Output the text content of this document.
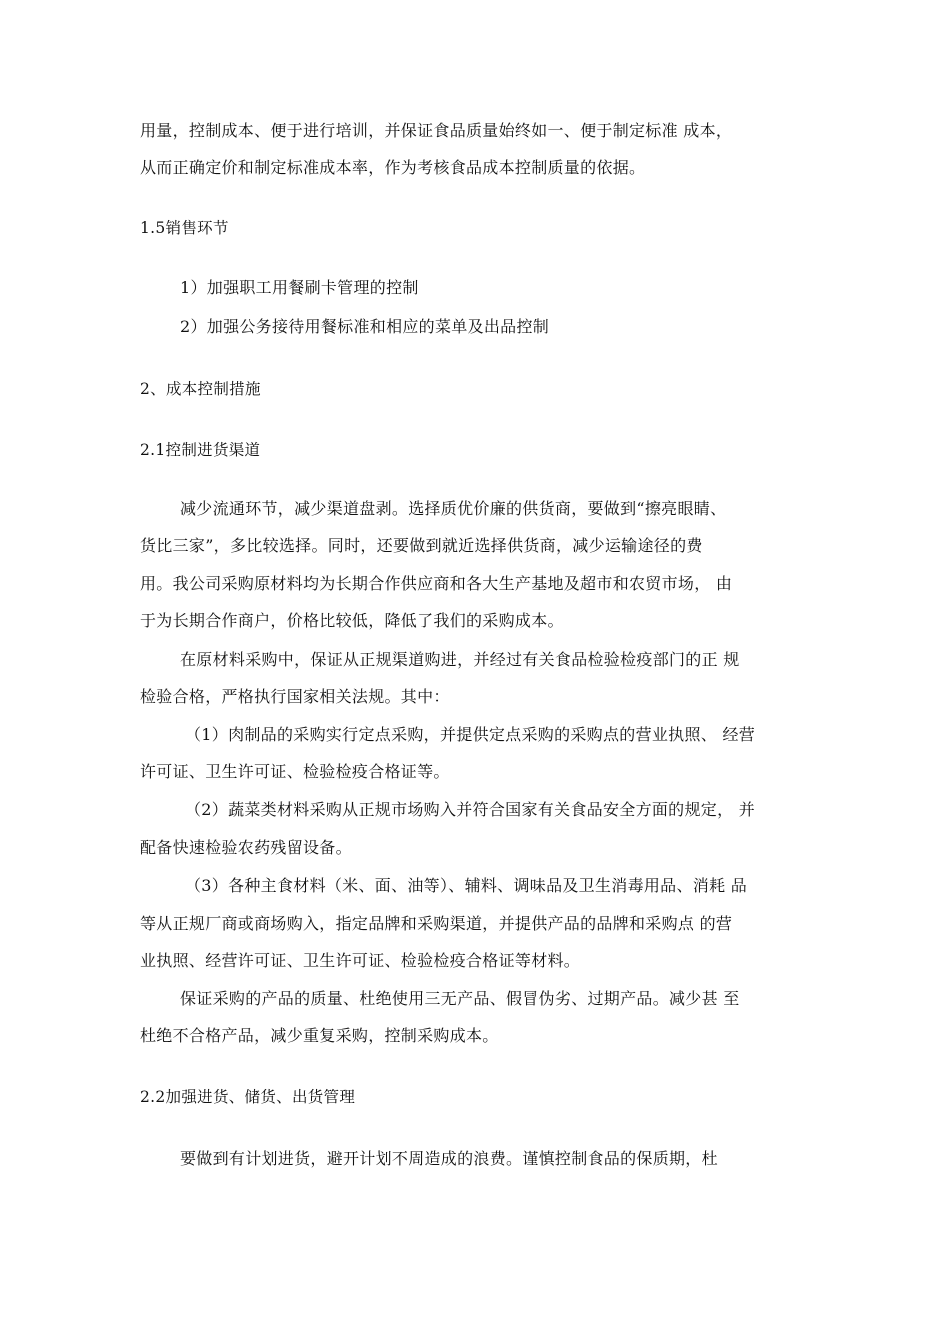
用量，控制成本、便于进行培训，并保证食品质量始终如一、便于制定标准 成本，
从而正确定价和制定标准成本率，作为考核食品成本控制质量的依据。
1.5销售环节
1）加强职工用餐刷卡管理的控制
2）加强公务接待用餐标准和相应的菜单及出品控制
2、成本控制措施
2.1控制进货渠道
减少流通环节，减少渠道盘剥。选择质优价廉的供货商，要做到“擦亮眼睛、
货比三家”，多比较选择。同时，还要做到就近选择供货商，减少运输途径的费
用。我公司采购原材料均为长期合作供应商和各大生产基地及超市和农贸市场， 由
于为长期合作商户，价格比较低，降低了我们的采购成本。
在原材料采购中，保证从正规渠道购进，并经过有关食品检验检疫部门的正 规
检验合格，严格执行国家相关法规。其中：
（1）肉制品的采购实行定点采购，并提供定点采购的采购点的营业执照、 经营
许可证、卫生许可证、检验检疫合格证等。
（2）蔬菜类材料采购从正规市场购入并符合国家有关食品安全方面的规定， 并
配备快速检验农药残留设备。
（3）各种主食材料（米、面、油等）、辅料、调味品及卫生消毒用品、消耗 品
等从正规厂商或商场购入，指定品牌和采购渠道，并提供产品的品牌和采购点 的营
业执照、经营许可证、卫生许可证、检验检疫合格证等材料。
保证采购的产品的质量、杜绝使用三无产品、假冒伪劣、过期产品。减少甚 至
杜绝不合格产品，减少重复采购，控制采购成本。
2.2加强进货、储货、出货管理
要做到有计划进货，避开计划不周造成的浪费。谨慎控制食品的保质期，杜
